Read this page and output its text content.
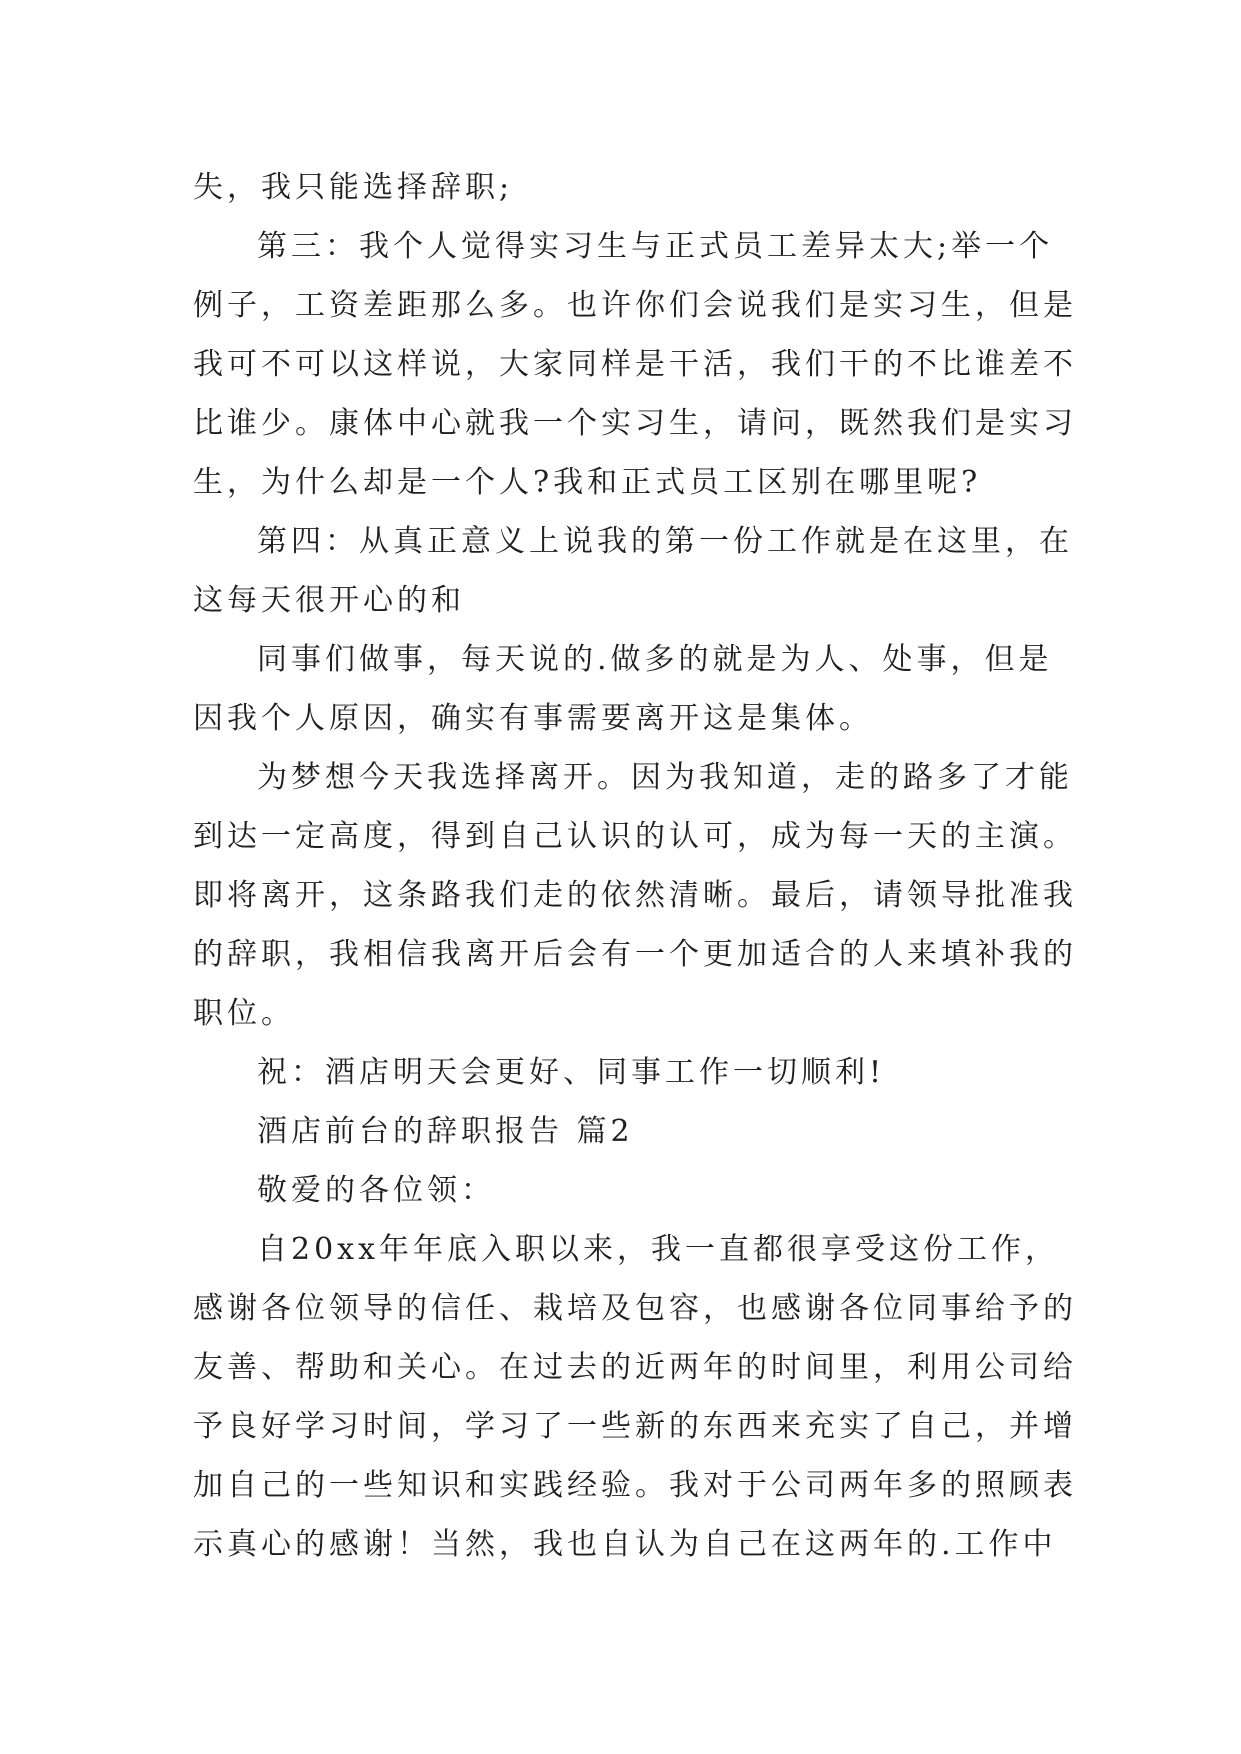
失，我只能选择辞职;
第三：我个人觉得实习生与正式员工差异太大;举一个
例子，工资差距那么多。也许你们会说我们是实习生，但是
我可不可以这样说，大家同样是干活，我们干的不比谁差不
比谁少。康体中心就我一个实习生，请问，既然我们是实习
生，为什么却是一个人?我和正式员工区别在哪里呢?
第四：从真正意义上说我的第一份工作就是在这里，在
这每天很开心的和
同事们做事，每天说的.做多的就是为人、处事，但是
因我个人原因，确实有事需要离开这是集体。
为梦想今天我选择离开。因为我知道，走的路多了才能
到达一定高度，得到自己认识的认可，成为每一天的主演。
即将离开，这条路我们走的依然清晰。最后，请领导批准我
的辞职，我相信我离开后会有一个更加适合的人来填补我的
职位。
祝：酒店明天会更好、同事工作一切顺利!
酒店前台的辞职报告 篇2
敬爱的各位领：
自20xx年年底入职以来，我一直都很享受这份工作，
感谢各位领导的信任、栽培及包容，也感谢各位同事给予的
友善、帮助和关心。在过去的近两年的时间里，利用公司给
予良好学习时间，学习了一些新的东西来充实了自己，并增
加自己的一些知识和实践经验。我对于公司两年多的照顾表
示真心的感谢！当然，我也自认为自己在这两年的.工作中
